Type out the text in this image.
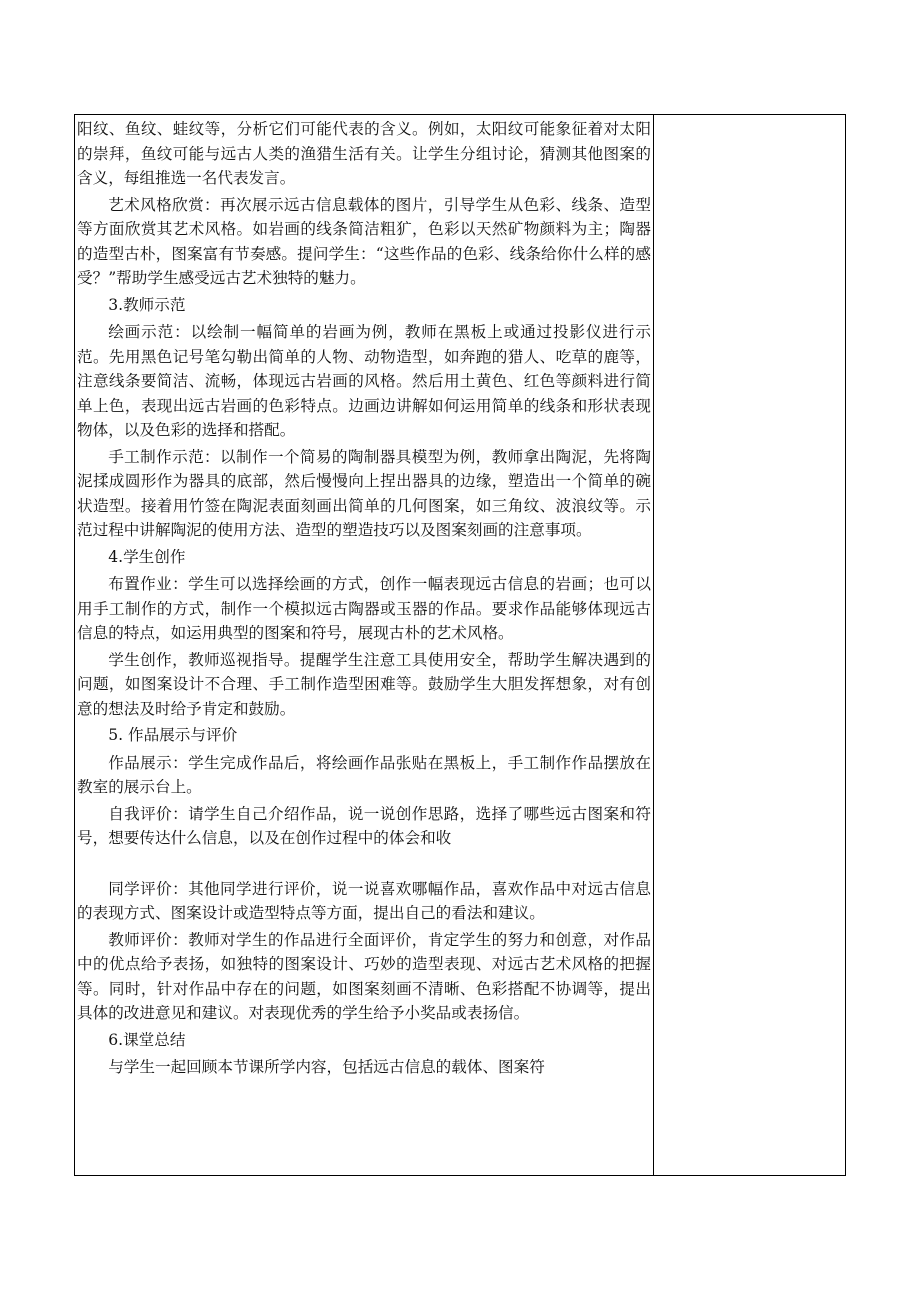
阳纹、鱼纹、蛙纹等，分析它们可能代表的含义。例如，太阳纹可能象征着对太阳的崇拜，鱼纹可能与远古人类的渔猎生活有关。让学生分组讨论，猜测其他图案的含义，每组推选一名代表发言。

艺术风格欣赏：再次展示远古信息载体的图片，引导学生从色彩、线条、造型等方面欣赏其艺术风格。如岩画的线条简洁粗犷，色彩以天然矿物颜料为主；陶器的造型古朴，图案富有节奏感。提问学生：“这些作品的色彩、线条给你什么样的感受？”帮助学生感受远古艺术独特的魅力。

3.教师示范

绘画示范：以绘制一幅简单的岩画为例，教师在黑板上或通过投影仪进行示范。先用黑色记号笔勾勒出简单的人物、动物造型，如奔跑的猎人、吃草的鹿等，注意线条要简洁、流畅，体现远古岩画的风格。然后用土黄色、红色等颜料进行简单上色，表现出远古岩画的色彩特点。边画边讲解如何运用简单的线条和形状表现物体，以及色彩的选择和搭配。

手工制作示范：以制作一个简易的陶制器具模型为例，教师拿出陶泥，先将陶泥揉成圆形作为器具的底部，然后慢慢向上捏出器具的边缘，塑造出一个简单的碗状造型。接着用竹签在陶泥表面刻画出简单的几何图案，如三角纹、波浪纹等。示范过程中讲解陶泥的使用方法、造型的塑造技巧以及图案刻画的注意事项。

4.学生创作

布置作业：学生可以选择绘画的方式，创作一幅表现远古信息的岩画；也可以用手工制作的方式，制作一个模拟远古陶器或玉器的作品。要求作品能够体现远古信息的特点，如运用典型的图案和符号，展现古朴的艺术风格。

学生创作，教师巡视指导。提醒学生注意工具使用安全，帮助学生解决遇到的问题，如图案设计不合理、手工制作造型困难等。鼓励学生大胆发挥想象，对有创意的想法及时给予肯定和鼓励。

5. 作品展示与评价

作品展示：学生完成作品后，将绘画作品张贴在黑板上，手工制作作品摆放在教室的展示台上。

自我评价：请学生自己介绍作品，说一说创作思路，选择了哪些远古图案和符号，想要传达什么信息，以及在创作过程中的体会和收

同学评价：其他同学进行评价，说一说喜欢哪幅作品，喜欢作品中对远古信息的表现方式、图案设计或造型特点等方面，提出自己的看法和建议。

教师评价：教师对学生的作品进行全面评价，肯定学生的努力和创意，对作品中的优点给予表扬，如独特的图案设计、巧妙的造型表现、对远古艺术风格的把握等。同时，针对作品中存在的问题，如图案刻画不清晰、色彩搭配不协调等，提出具体的改进意见和建议。对表现优秀的学生给予小奖品或表扬信。

6.课堂总结

与学生一起回顾本节课所学内容，包括远古信息的载体、图案符
